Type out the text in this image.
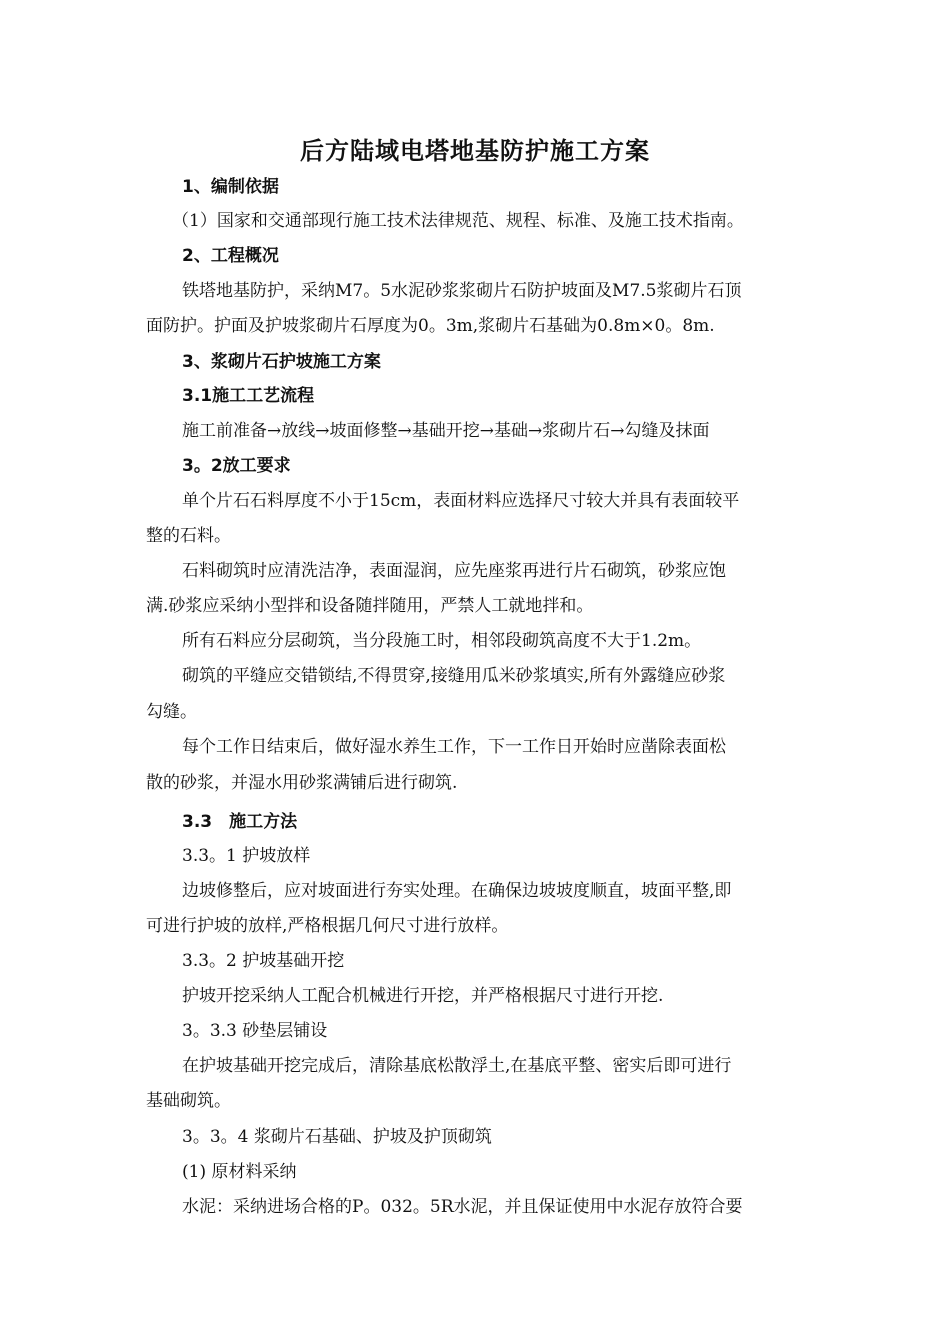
后方陆域电塔地基防护施工方案
1、编制依据
（1）国家和交通部现行施工技术法律规范、规程、标准、及施工技术指南。
2、工程概况
铁塔地基防护，采纳M7。5水泥砂浆浆砌片石防护坡面及M7.5浆砌片石顶
面防护。护面及护坡浆砌片石厚度为0。3m,浆砌片石基础为0.8m×0。8m.
3、浆砌片石护坡施工方案
3.1施工工艺流程
施工前准备→放线→坡面修整→基础开挖→基础→浆砌片石→勾缝及抹面
3。2放工要求
单个片石石料厚度不小于15cm，表面材料应选择尺寸较大并具有表面较平
整的石料。
石料砌筑时应清洗洁净，表面湿润，应先座浆再进行片石砌筑，砂浆应饱
满.砂浆应采纳小型拌和设备随拌随用，严禁人工就地拌和。
所有石料应分层砌筑，当分段施工时，相邻段砌筑高度不大于1.2m。
砌筑的平缝应交错锁结,不得贯穿,接缝用瓜米砂浆填实,所有外露缝应砂浆
勾缝。
每个工作日结束后，做好湿水养生工作，下一工作日开始时应凿除表面松
散的砂浆，并湿水用砂浆满铺后进行砌筑.
3.3　施工方法
3.3。1 护坡放样
边坡修整后，应对坡面进行夯实处理。在确保边坡坡度顺直，坡面平整,即
可进行护坡的放样,严格根据几何尺寸进行放样。
3.3。2 护坡基础开挖
护坡开挖采纳人工配合机械进行开挖，并严格根据尺寸进行开挖.
3。3.3 砂垫层铺设
在护坡基础开挖完成后，清除基底松散浮土,在基底平整、密实后即可进行
基础砌筑。
3。3。4 浆砌片石基础、护坡及护顶砌筑
(1) 原材料采纳
水泥：采纳进场合格的P。032。5R水泥，并且保证使用中水泥存放符合要
